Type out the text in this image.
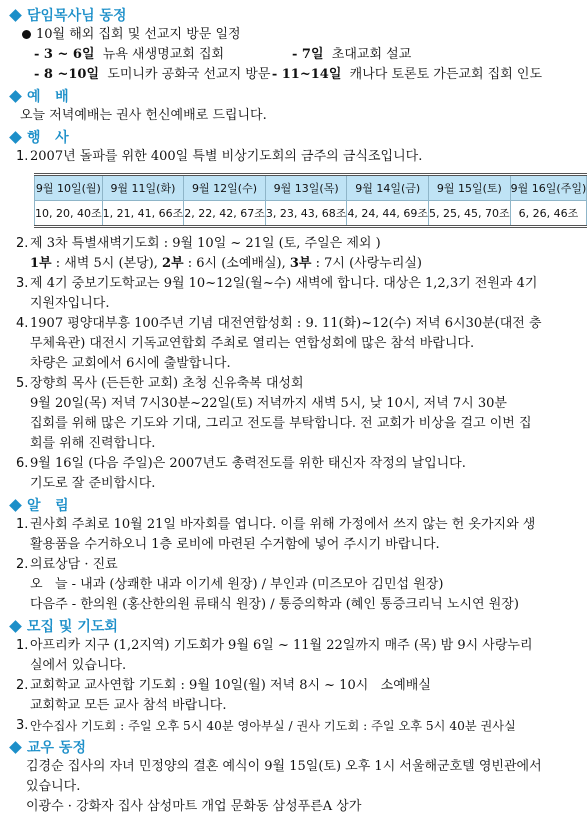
담임목사님 동정
10월 해외 집회 및 선교지 방문 일정
- 3 ~ 6일 뉴욕 새생명교회 집회	- 7일 초대교회 설교
- 8 ~10일 도미니카 공화국 선교지 방문 - 11~14일 캐나다 토론토 가든교회 집회 인도
예   배
오늘 저녁예배는 권사 헌신예배로 드립니다.
행   사
1. 2007년 돌파를 위한 400일 특별 비상기도회의 금주의 금식조입니다.
9월 10일(월)	9월 11일(화)	9월 12일(수)	9월 13일(목)	9월 14일(금)	9월 15일(토)	9월 16일(주일)
10, 20, 40조	1, 21, 41, 66조	2, 22, 42, 67조	3, 23, 43, 68조	4, 24, 44, 69조	5, 25, 45, 70조	6, 26, 46조
2. 제 3차 특별새벽기도회 : 9월 10일 ~ 21일 (토, 주일은 제외 )
1부 : 새벽 5시 (본당), 2부 : 6시 (소예배실), 3부 : 7시 (사랑누리실)
3. 제 4기 중보기도학교는 9월 10~12일(월~수) 새벽에 합니다. 대상은 1,2,3기 전원과 4기 지원자입니다.
4. 1907 평양대부흥 100주년 기념 대전연합성회 : 9. 11(화)~12(수) 저녁 6시30분(대전 충무체육관) 대전시 기독교연합회 주최로 열리는 연합성회에 많은 참석 바랍니다.
차량은 교회에서 6시에 출발합니다.
5. 장향희 목사 (든든한 교회) 초청 신유축복 대성회
9월 20일(목) 저녁 7시30분~22일(토) 저녁까지 새벽 5시, 낮 10시, 저녁 7시 30분
집회를 위해 많은 기도와 기대, 그리고 전도를 부탁합니다. 전 교회가 비상을 걸고 이번 집
회를 위해 진력합니다.
6. 9월 16일 (다음 주일)은 2007년도 총력전도를 위한 태신자 작정의 날입니다.
기도로 잘 준비합시다.
알   림
1. 권사회 주최로 10월 21일 바자회를 엽니다. 이를 위해 가정에서 쓰지 않는 헌 옷가지와 생활용품을 수거하오니 1층 로비에 마련된 수거함에 넣어 주시기 바랍니다.
2. 의료상담 · 진료
오   늘 - 내과 (상쾌한 내과 이기세 원장) / 부인과 (미즈모아 김민섭 원장)
다음주 - 한의원 (홍산한의원 류태식 원장) / 통증의학과 (혜인 통증크리닉 노시연 원장)
모집 및 기도회
1. 아프리카 지구 (1,2지역) 기도회가 9월 6일 ~ 11월 22일까지 매주 (목) 밤 9시 사랑누리실에서 있습니다.
2. 교회학교 교사연합 기도회 : 9월 10일(월) 저녁 8시 ~ 10시   소예배실
교회학교 모든 교사 참석 바랍니다.
3. 안수집사 기도회 : 주일 오후 5시 40분 영아부실 / 권사 기도회 : 주일 오후 5시 40분 권사실
교우 동정
김경순 집사의 자녀 민정양의 결혼 예식이 9월 15일(토) 오후 1시 서울해군호텔 영빈관에서 있습니다.
이광수 · 강화자 집사 삼성마트 개업 문화동 삼성푸른A 상가
